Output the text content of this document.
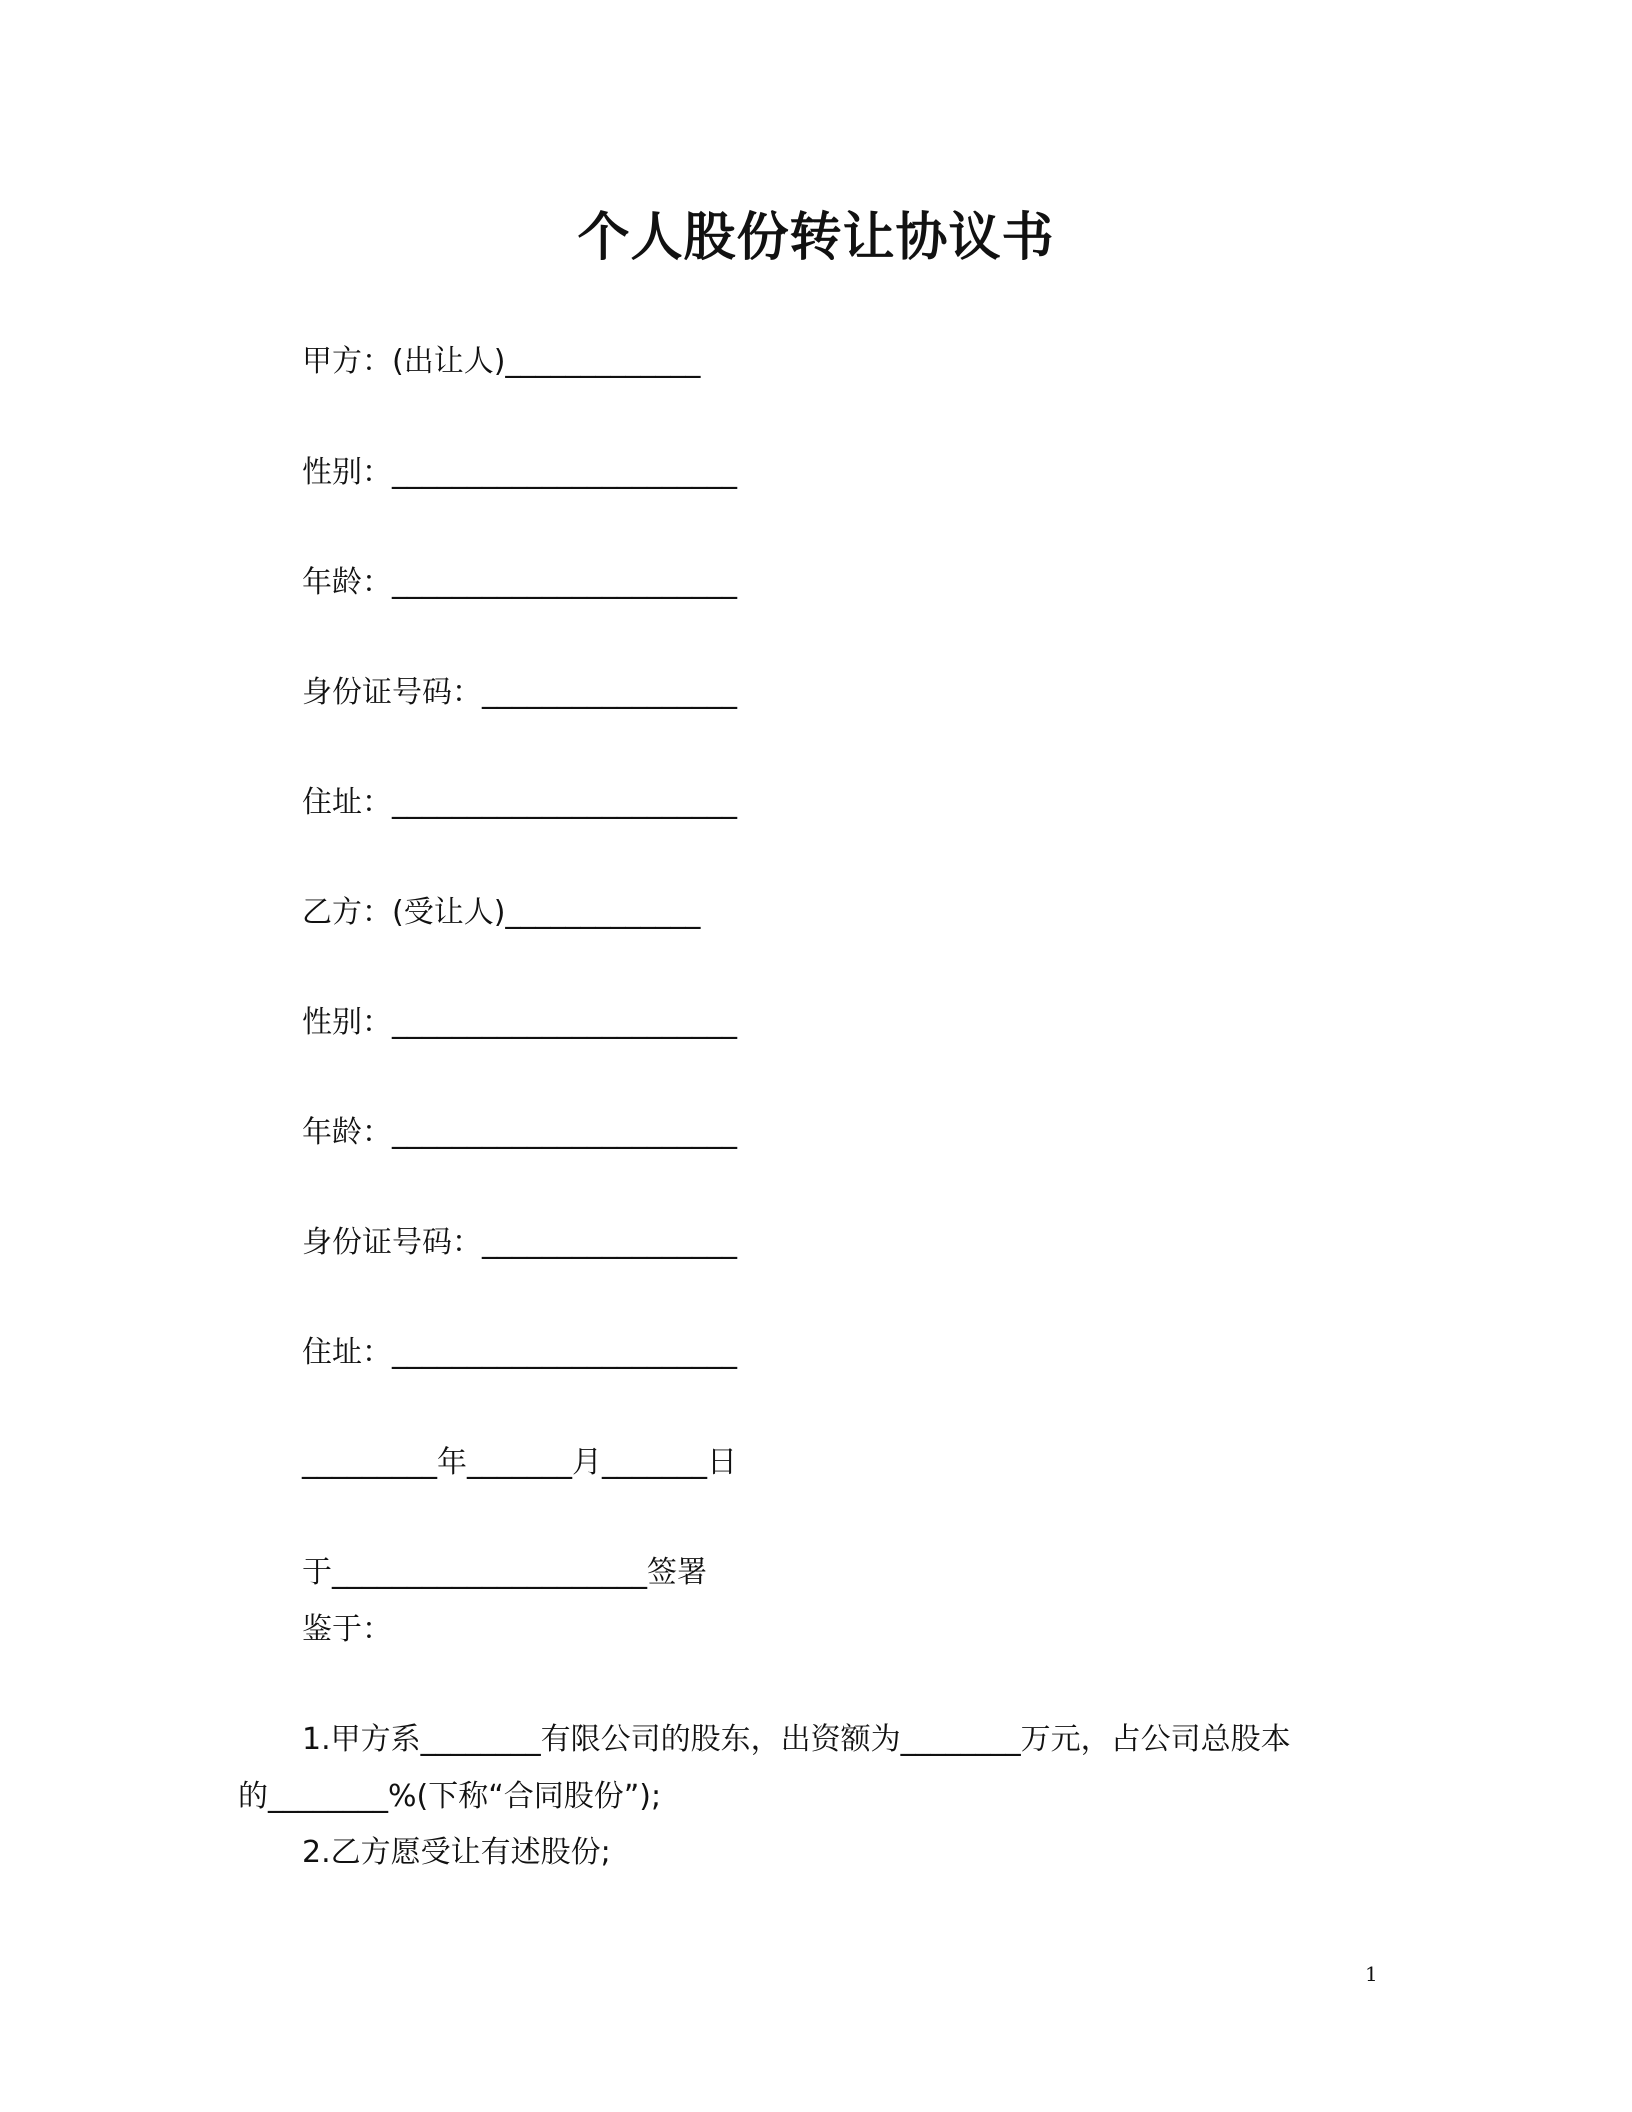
个人股份转让协议书
甲方：(出让人)_____________
性别：_______________________
年龄：_______________________
身份证号码：_________________
住址：_______________________
乙方：(受让人)_____________
性别：_______________________
年龄：_______________________
身份证号码：_________________
住址：_______________________
_________年_______月_______日
于_____________________签署
鉴于：
1.甲方系________有限公司的股东，出资额为________万元，占公司总股本
的________%(下称“合同股份”);
2.乙方愿受让有述股份;
1
